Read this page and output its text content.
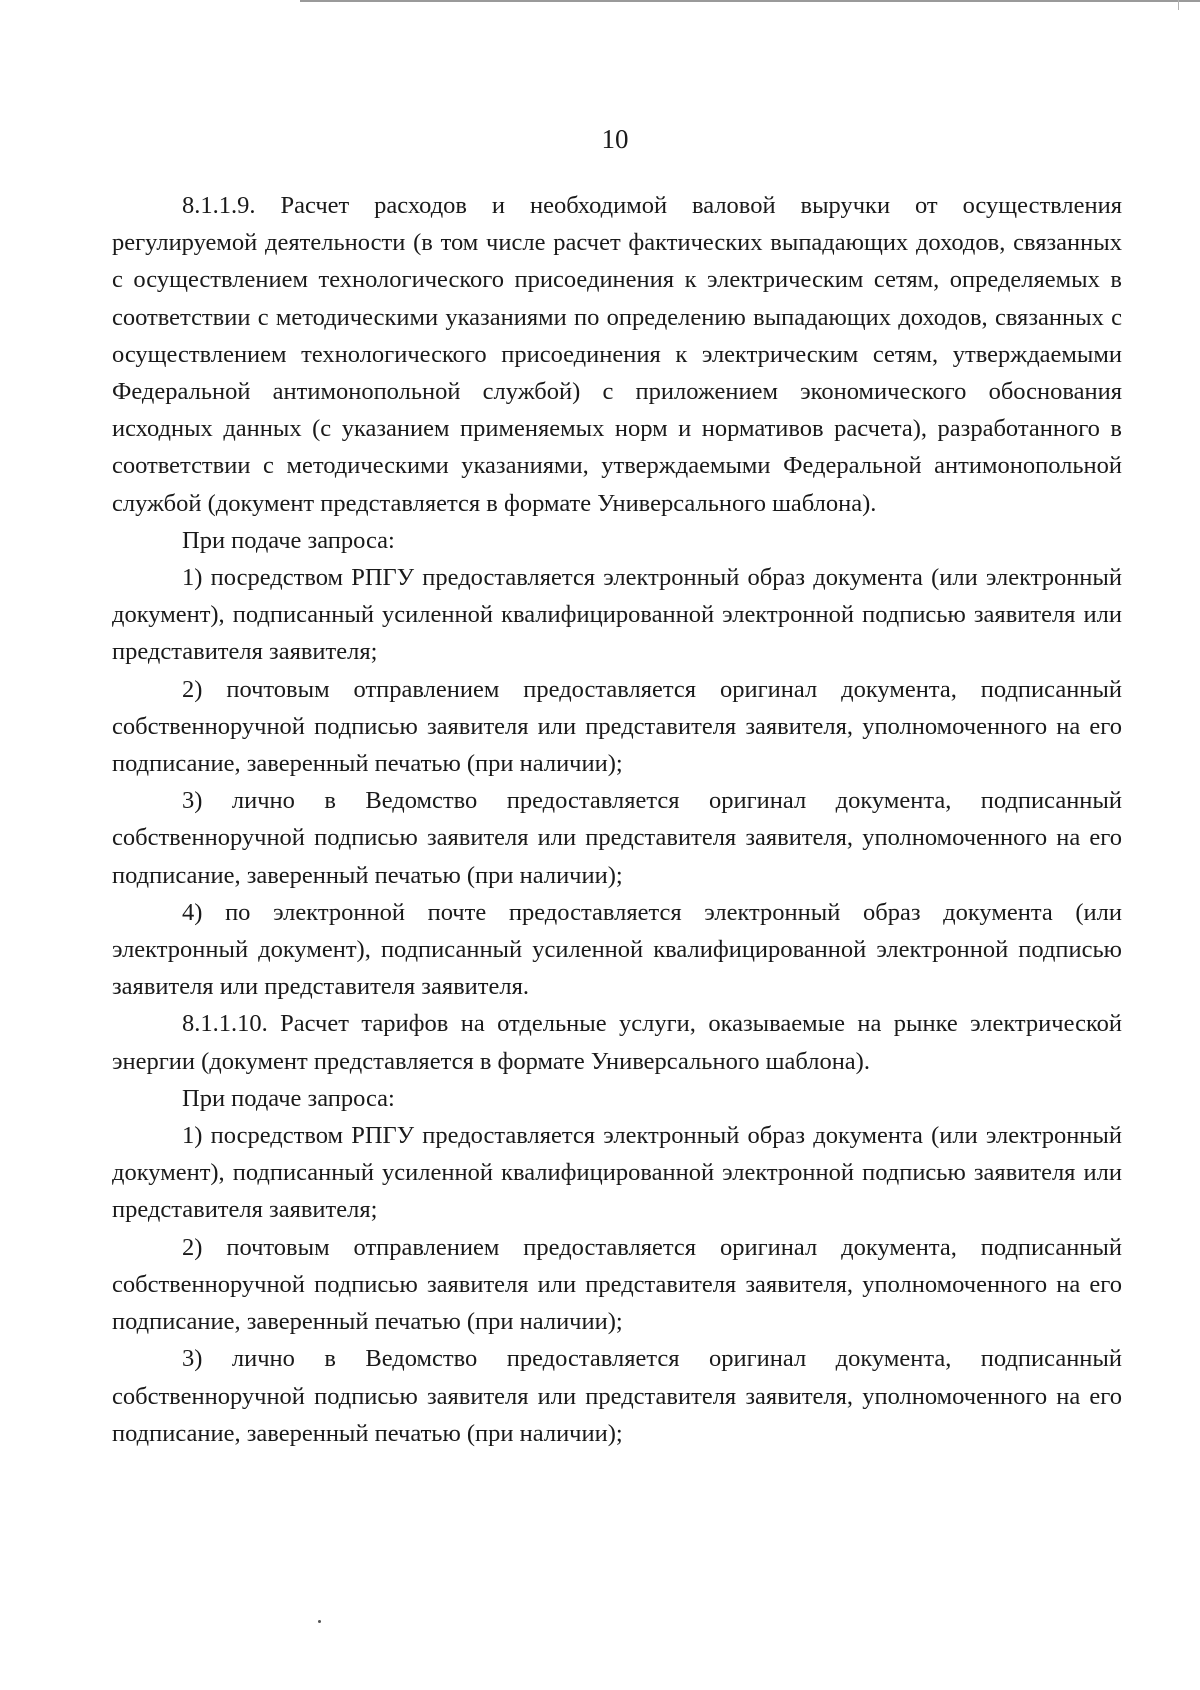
10

8.1.1.9. Расчет расходов и необходимой валовой выручки от осуществления регулируемой деятельности (в том числе расчет фактических выпадающих доходов, связанных с осуществлением технологического присоединения к электрическим сетям, определяемых в соответствии с методическими указаниями по определению выпадающих доходов, связанных с осуществлением технологического присоединения к электрическим сетям, утверждаемыми Федеральной антимонопольной службой) с приложением экономического обоснования исходных данных (с указанием применяемых норм и нормативов расчета), разработанного в соответствии с методическими указаниями, утверждаемыми Федеральной антимонопольной службой (документ представляется в формате Универсального шаблона).

При подаче запроса:

1) посредством РПГУ предоставляется электронный образ документа (или электронный документ), подписанный усиленной квалифицированной электронной подписью заявителя или представителя заявителя;

2) почтовым отправлением предоставляется оригинал документа, подписанный собственноручной подписью заявителя или представителя заявителя, уполномоченного на его подписание, заверенный печатью (при наличии);

3) лично в Ведомство предоставляется оригинал документа, подписанный собственноручной подписью заявителя или представителя заявителя, уполномоченного на его подписание, заверенный печатью (при наличии);

4) по электронной почте предоставляется электронный образ документа (или электронный документ), подписанный усиленной квалифицированной электронной подписью заявителя или представителя заявителя.

8.1.1.10. Расчет тарифов на отдельные услуги, оказываемые на рынке электрической энергии (документ представляется в формате Универсального шаблона).

При подаче запроса:

1) посредством РПГУ предоставляется электронный образ документа (или электронный документ), подписанный усиленной квалифицированной электронной подписью заявителя или представителя заявителя;

2) почтовым отправлением предоставляется оригинал документа, подписанный собственноручной подписью заявителя или представителя заявителя, уполномоченного на его подписание, заверенный печатью (при наличии);

3) лично в Ведомство предоставляется оригинал документа, подписанный собственноручной подписью заявителя или представителя заявителя, уполномоченного на его подписание, заверенный печатью (при наличии);
